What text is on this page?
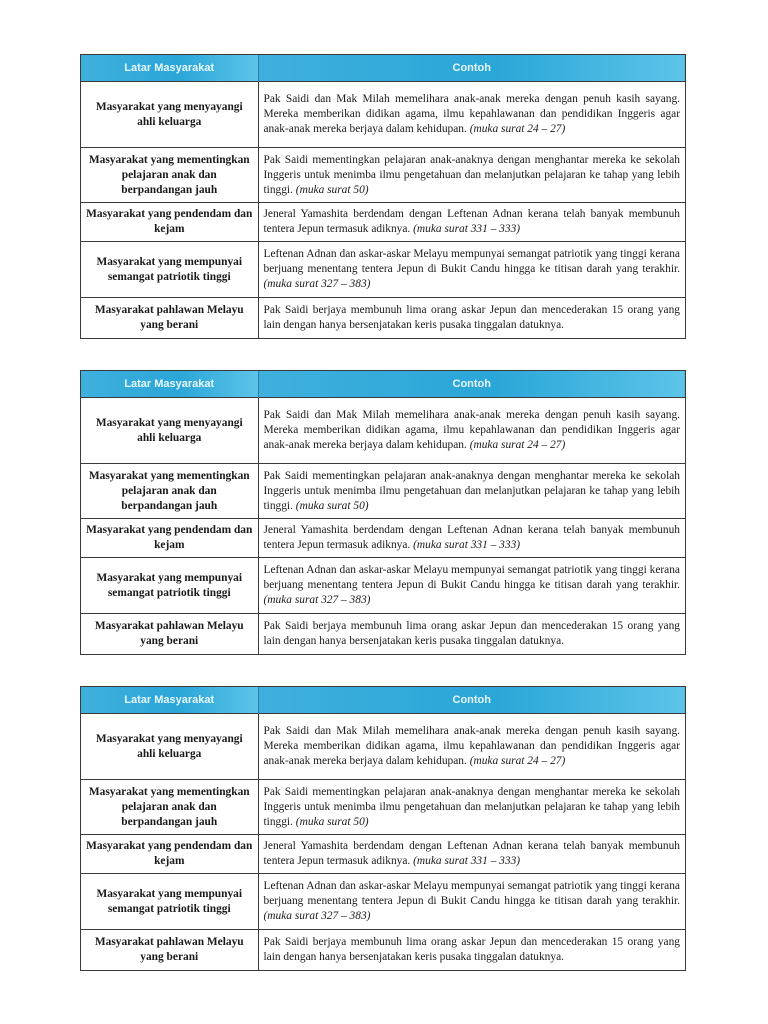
Latar Masyarakat	Contoh
Masyarakat yang menyayangi ahli keluarga	Pak Saidi dan Mak Milah memelihara anak-anak mereka dengan penuh kasih sayang. Mereka memberikan didikan agama, ilmu kepahlawanan dan pendidikan Inggeris agar anak-anak mereka berjaya dalam kehidupan. (muka surat 24 – 27)
Masyarakat yang mementingkan pelajaran anak dan berpandangan jauh	Pak Saidi mementingkan pelajaran anak-anaknya dengan menghantar mereka ke sekolah Inggeris untuk menimba ilmu pengetahuan dan melanjutkan pelajaran ke tahap yang lebih tinggi. (muka surat 50)
Masyarakat yang pendendam dan kejam	Jeneral Yamashita berdendam dengan Leftenan Adnan kerana telah banyak membunuh tentera Jepun termasuk adiknya. (muka surat 331 – 333)
Masyarakat yang mempunyai semangat patriotik tinggi	Leftenan Adnan dan askar-askar Melayu mempunyai semangat patriotik yang tinggi kerana berjuang menentang tentera Jepun di Bukit Candu hingga ke titisan darah yang terakhir. (muka surat 327 – 383)
Masyarakat pahlawan Melayu yang berani	Pak Saidi berjaya membunuh lima orang askar Jepun dan mencederakan 15 orang yang lain dengan hanya bersenjatakan keris pusaka tinggalan datuknya.
Latar Masyarakat	Contoh
Masyarakat yang menyayangi ahli keluarga	Pak Saidi dan Mak Milah memelihara anak-anak mereka dengan penuh kasih sayang. Mereka memberikan didikan agama, ilmu kepahlawanan dan pendidikan Inggeris agar anak-anak mereka berjaya dalam kehidupan. (muka surat 24 – 27)
Masyarakat yang mementingkan pelajaran anak dan berpandangan jauh	Pak Saidi mementingkan pelajaran anak-anaknya dengan menghantar mereka ke sekolah Inggeris untuk menimba ilmu pengetahuan dan melanjutkan pelajaran ke tahap yang lebih tinggi. (muka surat 50)
Masyarakat yang pendendam dan kejam	Jeneral Yamashita berdendam dengan Leftenan Adnan kerana telah banyak membunuh tentera Jepun termasuk adiknya. (muka surat 331 – 333)
Masyarakat yang mempunyai semangat patriotik tinggi	Leftenan Adnan dan askar-askar Melayu mempunyai semangat patriotik yang tinggi kerana berjuang menentang tentera Jepun di Bukit Candu hingga ke titisan darah yang terakhir. (muka surat 327 – 383)
Masyarakat pahlawan Melayu yang berani	Pak Saidi berjaya membunuh lima orang askar Jepun dan mencederakan 15 orang yang lain dengan hanya bersenjatakan keris pusaka tinggalan datuknya.
Latar Masyarakat	Contoh
Masyarakat yang menyayangi ahli keluarga	Pak Saidi dan Mak Milah memelihara anak-anak mereka dengan penuh kasih sayang. Mereka memberikan didikan agama, ilmu kepahlawanan dan pendidikan Inggeris agar anak-anak mereka berjaya dalam kehidupan. (muka surat 24 – 27)
Masyarakat yang mementingkan pelajaran anak dan berpandangan jauh	Pak Saidi mementingkan pelajaran anak-anaknya dengan menghantar mereka ke sekolah Inggeris untuk menimba ilmu pengetahuan dan melanjutkan pelajaran ke tahap yang lebih tinggi. (muka surat 50)
Masyarakat yang pendendam dan kejam	Jeneral Yamashita berdendam dengan Leftenan Adnan kerana telah banyak membunuh tentera Jepun termasuk adiknya. (muka surat 331 – 333)
Masyarakat yang mempunyai semangat patriotik tinggi	Leftenan Adnan dan askar-askar Melayu mempunyai semangat patriotik yang tinggi kerana berjuang menentang tentera Jepun di Bukit Candu hingga ke titisan darah yang terakhir. (muka surat 327 – 383)
Masyarakat pahlawan Melayu yang berani	Pak Saidi berjaya membunuh lima orang askar Jepun dan mencederakan 15 orang yang lain dengan hanya bersenjatakan keris pusaka tinggalan datuknya.
